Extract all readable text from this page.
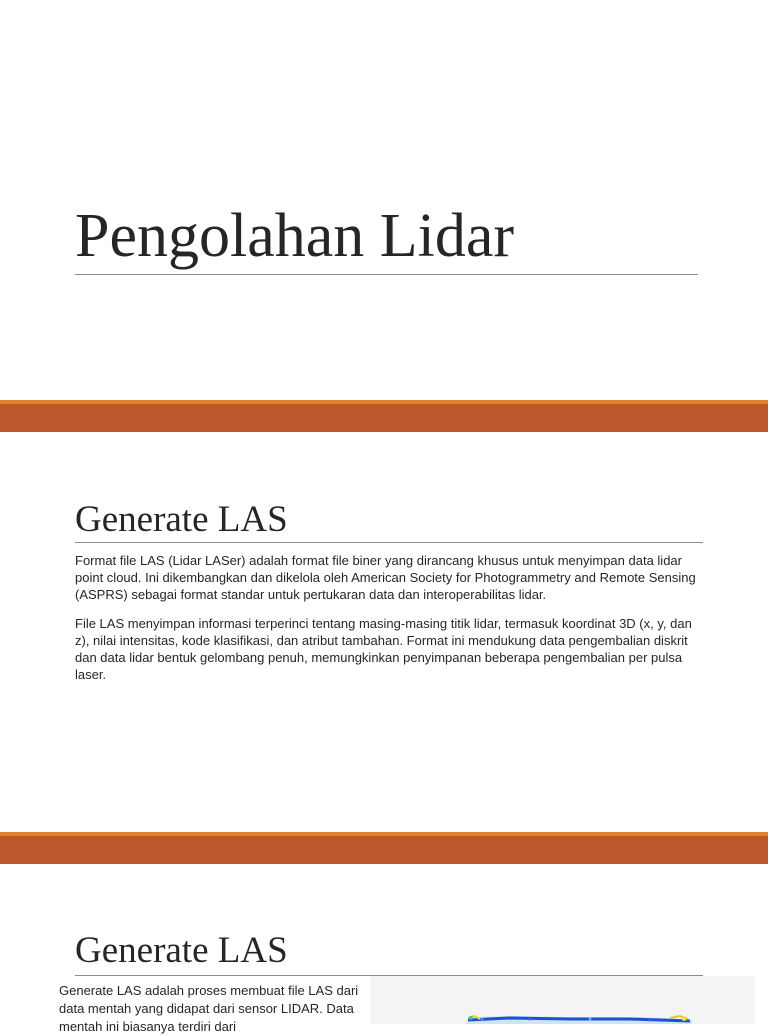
Pengolahan Lidar
Generate LAS

Format file LAS (Lidar LASer) adalah format file biner yang dirancang khusus untuk menyimpan data lidar point cloud. Ini dikembangkan dan dikelola oleh American Society for Photogrammetry and Remote Sensing (ASPRS) sebagai format standar untuk pertukaran data dan interoperabilitas lidar.

File LAS menyimpan informasi terperinci tentang masing-masing titik lidar, termasuk koordinat 3D (x, y, dan z), nilai intensitas, kode klasifikasi, dan atribut tambahan. Format ini mendukung data pengembalian diskrit dan data lidar bentuk gelombang penuh, memungkinkan penyimpanan beberapa pengembalian per pulsa laser.

Generate LAS

Generate LAS adalah proses membuat file LAS dari data mentah yang didapat dari sensor LIDAR. Data mentah ini biasanya terdiri dari
